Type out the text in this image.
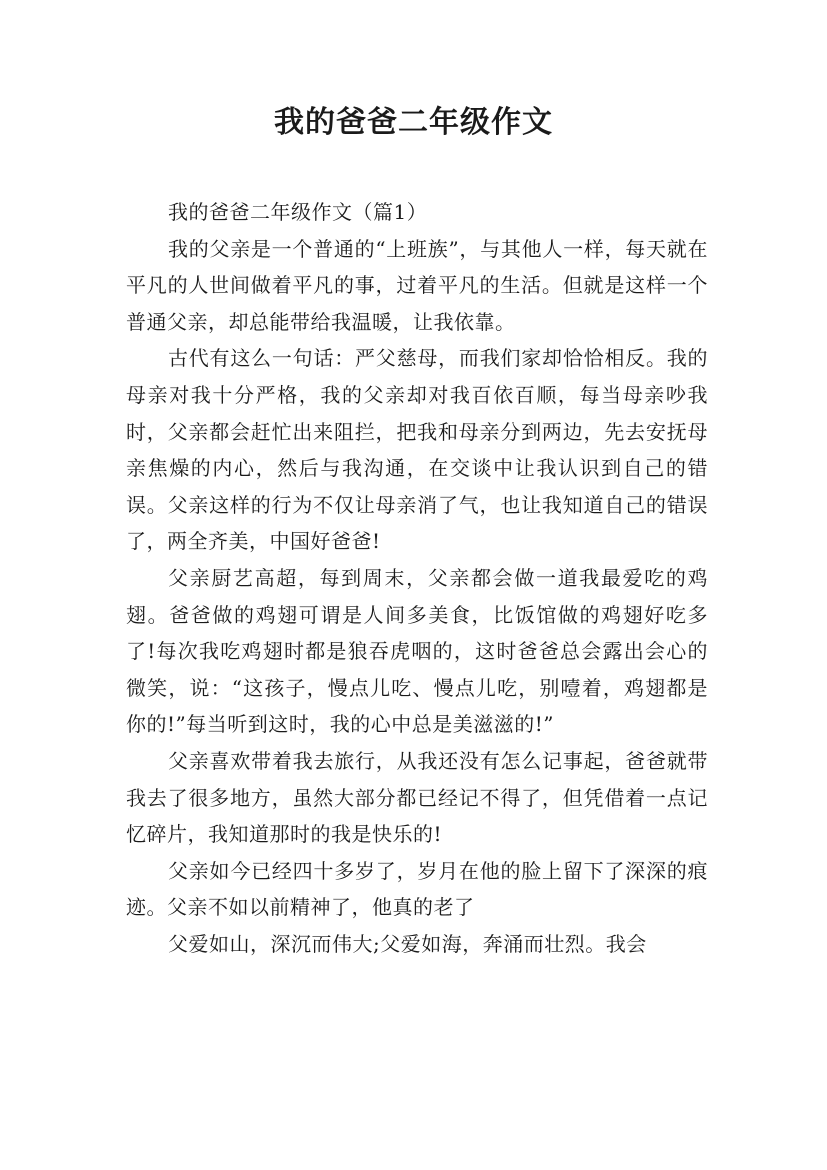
我的爸爸二年级作文
我的爸爸二年级作文（篇1）

我的父亲是一个普通的“上班族”，与其他人一样，每天就在平凡的人世间做着平凡的事，过着平凡的生活。但就是这样一个普通父亲，却总能带给我温暖，让我依靠。

古代有这么一句话：严父慈母，而我们家却恰恰相反。我的母亲对我十分严格，我的父亲却对我百依百顺，每当母亲吵我时，父亲都会赶忙出来阻拦，把我和母亲分到两边，先去安抚母亲焦燥的内心，然后与我沟通，在交谈中让我认识到自己的错误。父亲这样的行为不仅让母亲消了气，也让我知道自己的错误了，两全齐美，中国好爸爸!

父亲厨艺高超，每到周末，父亲都会做一道我最爱吃的鸡翅。爸爸做的鸡翅可谓是人间多美食，比饭馆做的鸡翅好吃多了!每次我吃鸡翅时都是狼吞虎咽的，这时爸爸总会露出会心的微笑，说：“这孩子，慢点儿吃、慢点儿吃，别噎着，鸡翅都是你的!”每当听到这时，我的心中总是美滋滋的!”

父亲喜欢带着我去旅行，从我还没有怎么记事起，爸爸就带我去了很多地方，虽然大部分都已经记不得了，但凭借着一点记忆碎片，我知道那时的我是快乐的!

父亲如今已经四十多岁了，岁月在他的脸上留下了深深的痕迹。父亲不如以前精神了，他真的老了

父爱如山，深沉而伟大;父爱如海，奔涌而壮烈。我会
